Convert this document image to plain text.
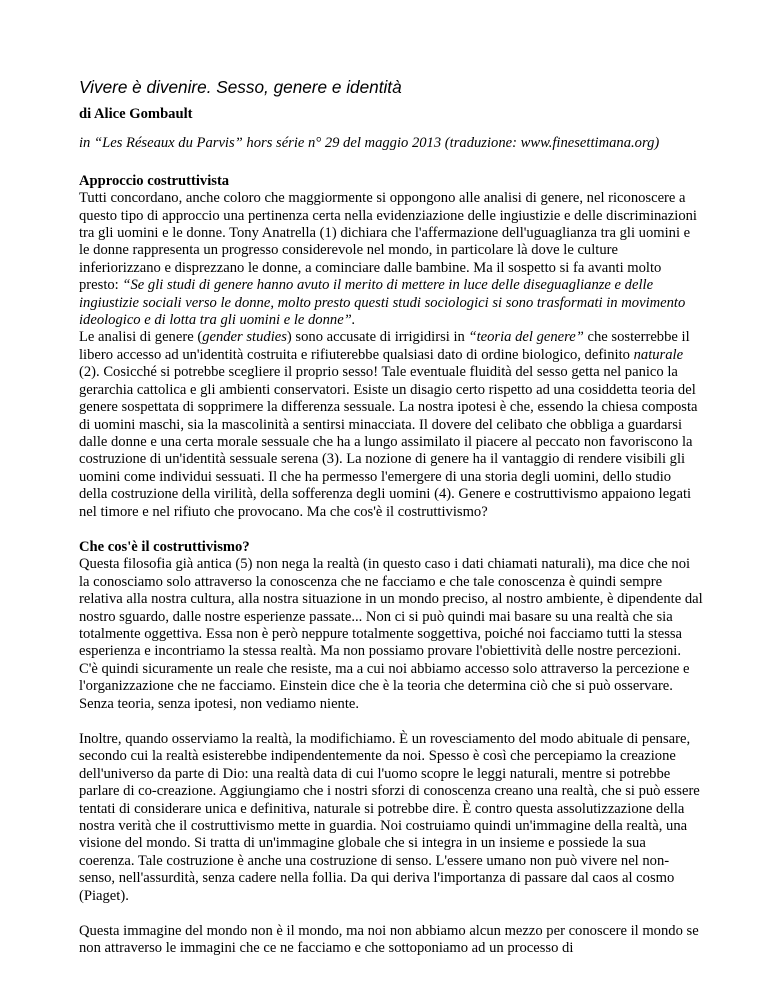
Vivere è divenire. Sesso, genere e identità

di Alice Gombault

in “Les Réseaux du Parvis” hors série n° 29 del maggio 2013 (traduzione: www.finesettimana.org)

Approccio costruttivista

Tutti concordano, anche coloro che maggiormente si oppongono alle analisi di genere, nel riconoscere a questo tipo di approccio una pertinenza certa nella evidenziazione delle ingiustizie e delle discriminazioni tra gli uomini e le donne. Tony Anatrella (1) dichiara che l'affermazione dell'uguaglianza tra gli uomini e le donne rappresenta un progresso considerevole nel mondo, in particolare là dove le culture inferiorizzano e disprezzano le donne, a cominciare dalle bambine. Ma il sospetto si fa avanti molto presto: “Se gli studi di genere hanno avuto il merito di mettere in luce delle diseguaglianze e delle ingiustizie sociali verso le donne, molto presto questi studi sociologici si sono trasformati in movimento ideologico e di lotta tra gli uomini e le donne”.

Le analisi di genere (gender studies) sono accusate di irrigidirsi in “teoria del genere” che sosterrebbe il libero accesso ad un'identità costruita e rifiuterebbe qualsiasi dato di ordine biologico, definito naturale (2). Cosicché si potrebbe scegliere il proprio sesso! Tale eventuale fluidità del sesso getta nel panico la gerarchia cattolica e gli ambienti conservatori. Esiste un disagio certo rispetto ad una cosiddetta teoria del genere sospettata di sopprimere la differenza sessuale. La nostra ipotesi è che, essendo la chiesa composta di uomini maschi, sia la mascolinità a sentirsi minacciata. Il dovere del celibato che obbliga a guardarsi dalle donne e una certa morale sessuale che ha a lungo assimilato il piacere al peccato non favoriscono la costruzione di un'identità sessuale serena (3). La nozione di genere ha il vantaggio di rendere visibili gli uomini come individui sessuati. Il che ha permesso l'emergere di una storia degli uomini, dello studio della costruzione della virilità, della sofferenza degli uomini (4). Genere e costruttivismo appaiono legati nel timore e nel rifiuto che provocano. Ma che cos'è il costruttivismo?

Che cos'è il costruttivismo?

Questa filosofia già antica (5) non nega la realtà (in questo caso i dati chiamati naturali), ma dice che noi la conosciamo solo attraverso la conoscenza che ne facciamo e che tale conoscenza è quindi sempre relativa alla nostra cultura, alla nostra situazione in un mondo preciso, al nostro ambiente, è dipendente dal nostro sguardo, dalle nostre esperienze passate... Non ci si può quindi mai basare su una realtà che sia totalmente oggettiva. Essa non è però neppure totalmente soggettiva, poiché noi facciamo tutti la stessa esperienza e incontriamo la stessa realtà. Ma non possiamo provare l'obiettività delle nostre percezioni. C'è quindi sicuramente un reale che resiste, ma a cui noi abbiamo accesso solo attraverso la percezione e l'organizzazione che ne facciamo. Einstein dice che è la teoria che determina ciò che si può osservare. Senza teoria, senza ipotesi, non vediamo niente.

Inoltre, quando osserviamo la realtà, la modifichiamo. È un rovesciamento del modo abituale di pensare, secondo cui la realtà esisterebbe indipendentemente da noi. Spesso è così che percepiamo la creazione dell'universo da parte di Dio: una realtà data di cui l'uomo scopre le leggi naturali, mentre si potrebbe parlare di co-creazione. Aggiungiamo che i nostri sforzi di conoscenza creano una realtà, che si può essere tentati di considerare unica e definitiva, naturale si potrebbe dire. È contro questa assolutizzazione della nostra verità che il costruttivismo mette in guardia. Noi costruiamo quindi un'immagine della realtà, una visione del mondo. Si tratta di un'immagine globale che si integra in un insieme e possiede la sua coerenza. Tale costruzione è anche una costruzione di senso. L'essere umano non può vivere nel non-senso, nell'assurdità, senza cadere nella follia. Da qui deriva l'importanza di passare dal caos al cosmo (Piaget).

Questa immagine del mondo non è il mondo, ma noi non abbiamo alcun mezzo per conoscere il mondo se non attraverso le immagini che ce ne facciamo e che sottoponiamo ad un processo di
